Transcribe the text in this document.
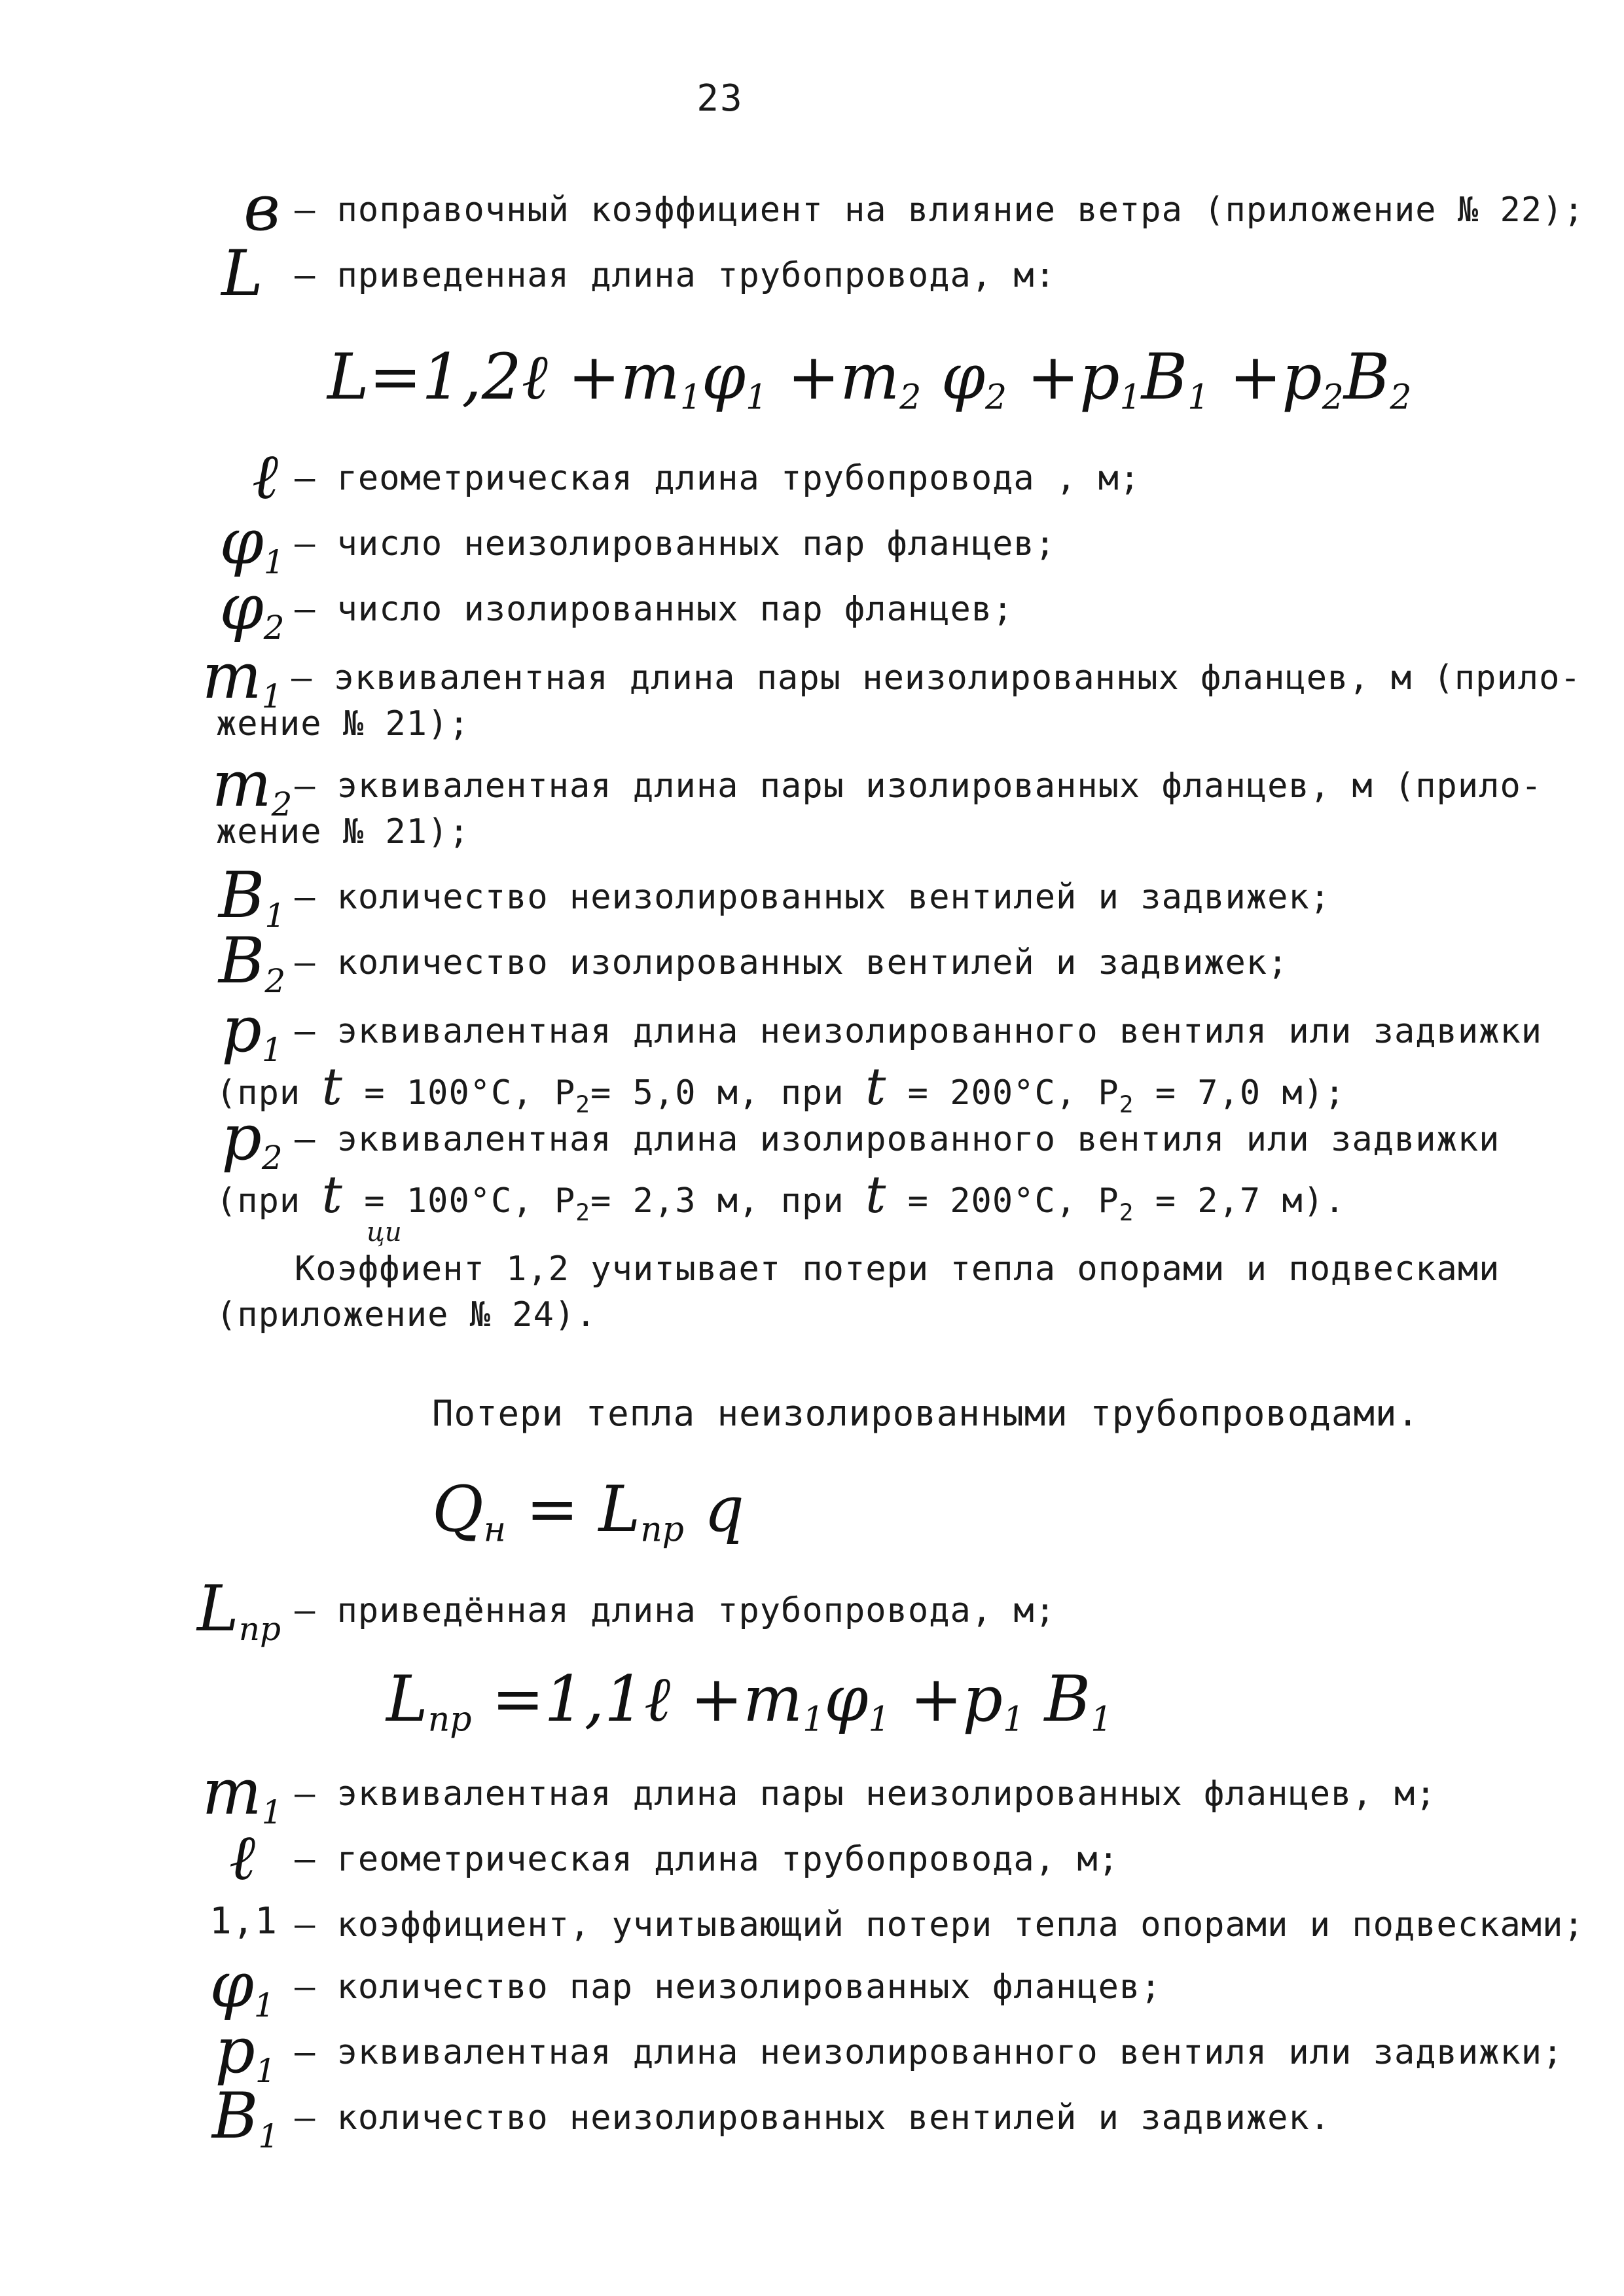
23
в – поправочный коэффициент на влияние ветра (приложение № 22);
L — приведенная длина трубопровода, м:
L=1,2ℓ $+m_1\varphi_1 +m_2$ $\varphi_2 +p_1B_1 +p_2B_2$
ℓ – геометрическая длина трубопровода , м;
$\varphi_1$ – число неизолированных пар фланцев;
$\varphi_2$ – число изолированных пар фланцев;
$m_1$ – эквивалентная длина пары неизолированных фланцев, м (прило-
жение № 21);
$m_2$ – эквивалентная длина пары изолированных фланцев, м (прило-
жение № 21);
$B_1$ – количество неизолированных вентилей и задвижек;
$B_2$ – количество изолированных вентилей и задвижек;
$p_1$ – эквивалентная длина неизолированного вентиля или задвижки
(при t = 100°С, $Р_2= 5,0$ м, при t = 200°С, $Р_2 = 7,0$ м);
$p_2$ – эквивалентная длина изолированного вентиля или задвижки
(при t = 100°С, $Р_2= 2,3$ м, при t = 200°С, $Р_2 = 2,7$ м).
ци
Коэффиент 1,2 учитывает потери тепла опорами и подвесками
(приложение № 24).
Потери тепла неизолированными трубопроводами.
$Q_н = L_{пр}$ q
$L_{пр}$ – приведённая длина трубопровода, м;
$L_{пр}$ =1,1ℓ $+m_1\varphi_1 +p_1$ $B_1$
$m_1$ – эквивалентная длина пары неизолированных фланцев, м;
ℓ	– геометрическая длина трубопровода, м;
1,1 – коэффициент, учитывающий потери тепла опорами и подвесками;
$\varphi_1$ – количество пар неизолированных фланцев;
$p_1$ – эквивалентная длина неизолированного вентиля или задвижки;
$B_1$ – количество неизолированных вентилей и задвижек.
